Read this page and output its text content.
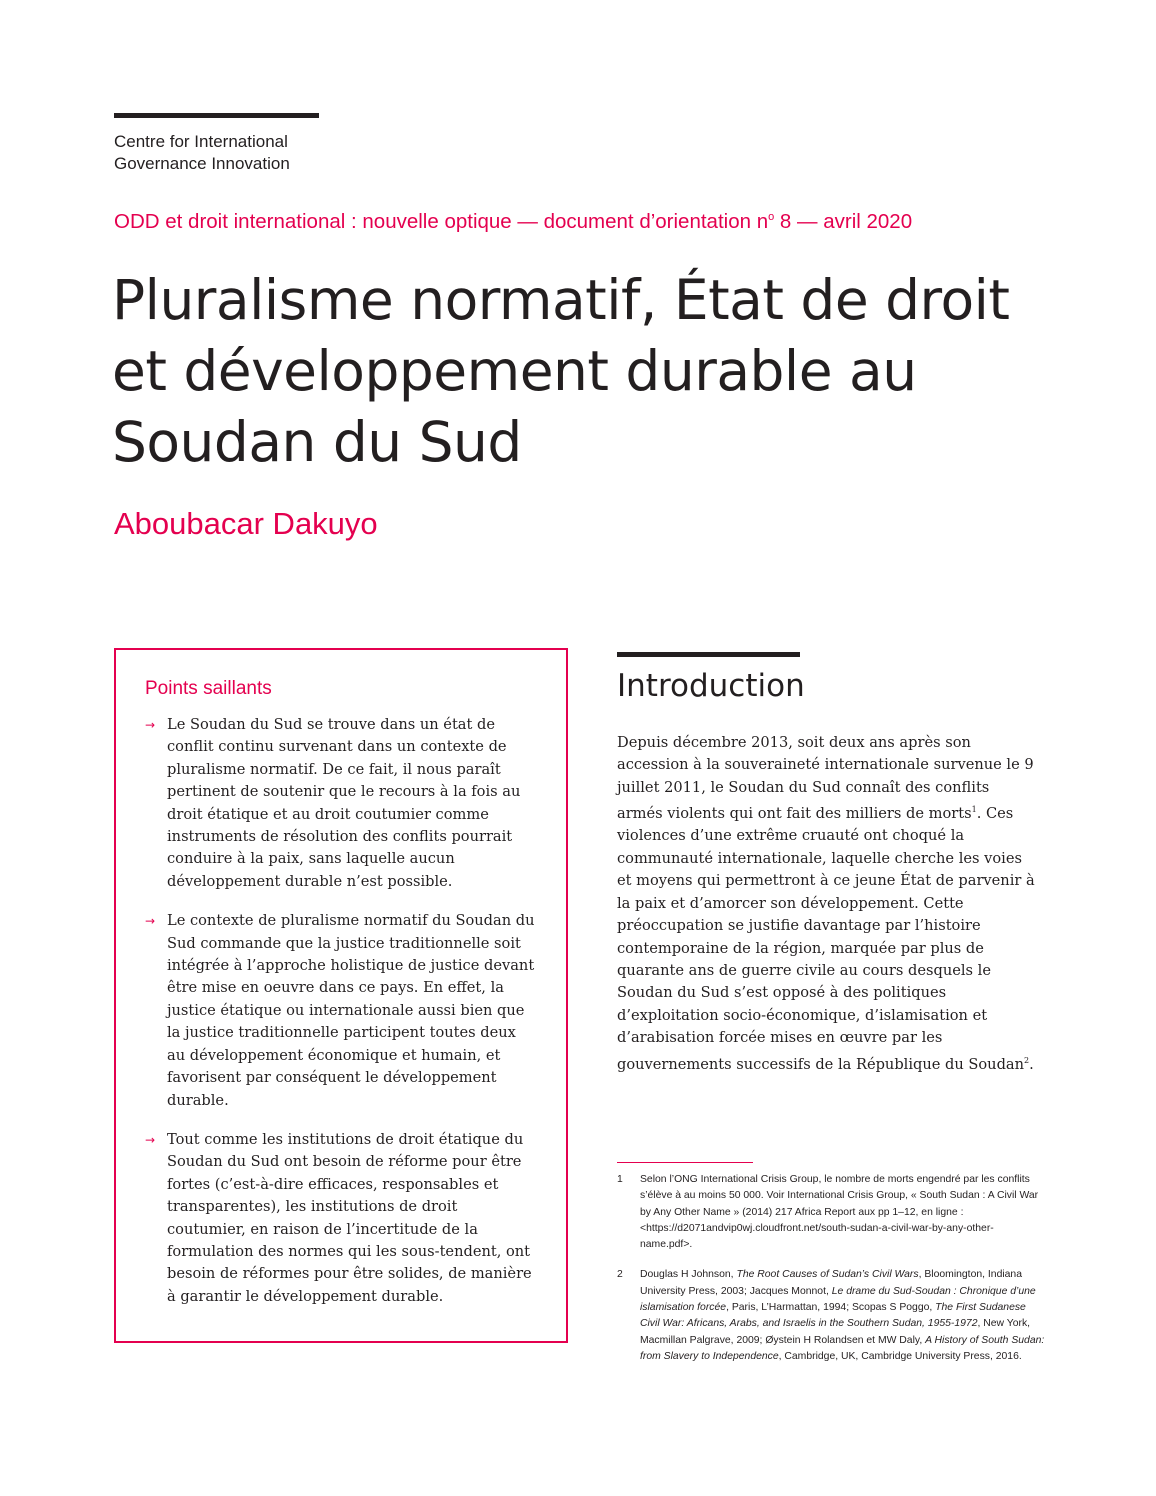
Centre for International
Governance Innovation
ODD et droit international : nouvelle optique — document d’orientation $n^o$ 8 — avril 2020
Pluralisme normatif, État de droit
et développement durable au
Soudan du Sud
Aboubacar Dakuyo
Points saillants
→ Le Soudan du Sud se trouve dans un état de conflit continu survenant dans un contexte de pluralisme normatif. De ce fait, il nous paraît pertinent de soutenir que le recours à la fois au droit étatique et au droit coutumier comme instruments de résolution des conflits pourrait conduire à la paix, sans laquelle aucun développement durable n’est possible.
→ Le contexte de pluralisme normatif du Soudan du Sud commande que la justice traditionnelle soit intégrée à l’approche holistique de justice devant être mise en oeuvre dans ce pays. En effet, la justice étatique ou internationale aussi bien que la justice traditionnelle participent toutes deux au développement économique et humain, et favorisent par conséquent le développement durable.
→ Tout comme les institutions de droit étatique du Soudan du Sud ont besoin de réforme pour être fortes (c’est-à-dire efficaces, responsables et transparentes), les institutions de droit coutumier, en raison de l’incertitude de la formulation des normes qui les sous-tendent, ont besoin de réformes pour être solides, de manière à garantir le développement durable.
Introduction

Depuis décembre 2013, soit deux ans après son accession à la souveraineté internationale survenue le 9 juillet 2011, le Soudan du Sud connaît des conflits armés violents qui ont fait des milliers de morts$^1$. Ces violences d’une extrême cruauté ont choqué la communauté internationale, laquelle cherche les voies et moyens qui permettront à ce jeune État de parvenir à la paix et d’amorcer son développement. Cette préoccupation se justifie davantage par l’histoire contemporaine de la région, marquée par plus de quarante ans de guerre civile au cours desquels le Soudan du Sud s’est opposé à des politiques d’exploitation socio-économique, d’islamisation et d’arabisation forcée mises en œuvre par les gouvernements successifs de la République du Soudan$^2$.

1 Selon l’ONG International Crisis Group, le nombre de morts engendré par les conflits s’élève à au moins 50 000. Voir International Crisis Group, « South Sudan : A Civil War by Any Other Name » (2014) 217 Africa Report aux pp 1–12, en ligne : <https://d2071andvip0wj.cloudfront.net/south-sudan-a-civil-war-by-any-other-name.pdf>.
2 Douglas H Johnson, The Root Causes of Sudan’s Civil Wars, Bloomington, Indiana University Press, 2003; Jacques Monnot, Le drame du Sud-Soudan : Chronique d’une islamisation forcée, Paris, L’Harmattan, 1994; Scopas S Poggo, The First Sudanese Civil War: Africans, Arabs, and Israelis in the Southern Sudan, 1955-1972, New York, Macmillan Palgrave, 2009; Øystein H Rolandsen et MW Daly, A History of South Sudan: from Slavery to Independence, Cambridge, UK, Cambridge University Press, 2016.
